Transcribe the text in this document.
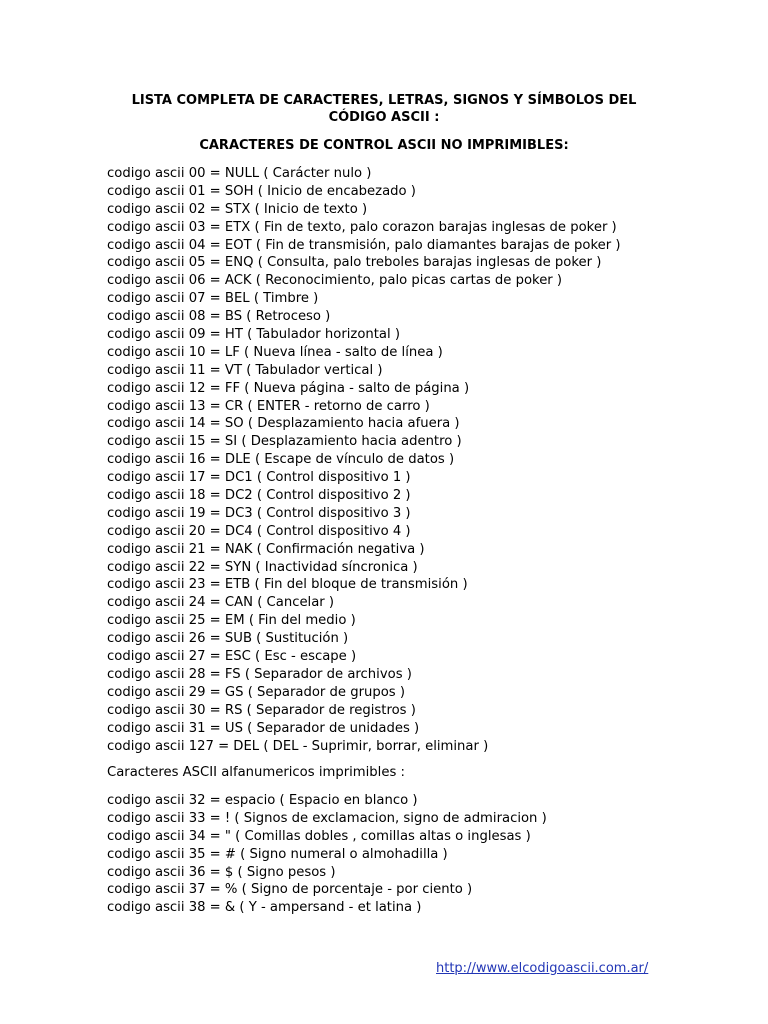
LISTA COMPLETA DE CARACTERES, LETRAS, SIGNOS Y SÍMBOLOS DEL
CÓDIGO ASCII :
CARACTERES DE CONTROL ASCII NO IMPRIMIBLES:
codigo ascii 00 = NULL ( Carácter nulo )
codigo ascii 01 = SOH ( Inicio de encabezado )
codigo ascii 02 = STX ( Inicio de texto )
codigo ascii 03 = ETX ( Fin de texto, palo corazon barajas inglesas de poker )
codigo ascii 04 = EOT ( Fin de transmisión, palo diamantes barajas de poker )
codigo ascii 05 = ENQ ( Consulta, palo treboles barajas inglesas de poker )
codigo ascii 06 = ACK ( Reconocimiento, palo picas cartas de poker )
codigo ascii 07 = BEL ( Timbre )
codigo ascii 08 = BS ( Retroceso )
codigo ascii 09 = HT ( Tabulador horizontal )
codigo ascii 10 = LF ( Nueva línea - salto de línea )
codigo ascii 11 = VT ( Tabulador vertical )
codigo ascii 12 = FF ( Nueva página - salto de página )
codigo ascii 13 = CR ( ENTER - retorno de carro )
codigo ascii 14 = SO ( Desplazamiento hacia afuera )
codigo ascii 15 = SI ( Desplazamiento hacia adentro )
codigo ascii 16 = DLE ( Escape de vínculo de datos )
codigo ascii 17 = DC1 ( Control dispositivo 1 )
codigo ascii 18 = DC2 ( Control dispositivo 2 )
codigo ascii 19 = DC3 ( Control dispositivo 3 )
codigo ascii 20 = DC4 ( Control dispositivo 4 )
codigo ascii 21 = NAK ( Confirmación negativa )
codigo ascii 22 = SYN ( Inactividad síncronica )
codigo ascii 23 = ETB ( Fin del bloque de transmisión )
codigo ascii 24 = CAN ( Cancelar )
codigo ascii 25 = EM ( Fin del medio )
codigo ascii 26 = SUB ( Sustitución )
codigo ascii 27 = ESC ( Esc - escape )
codigo ascii 28 = FS ( Separador de archivos )
codigo ascii 29 = GS ( Separador de grupos )
codigo ascii 30 = RS ( Separador de registros )
codigo ascii 31 = US ( Separador de unidades )
codigo ascii 127 = DEL ( DEL - Suprimir, borrar, eliminar )
Caracteres ASCII alfanumericos imprimibles :
codigo ascii 32 = espacio ( Espacio en blanco )
codigo ascii 33 = ! ( Signos de exclamacion, signo de admiracion )
codigo ascii 34 = " ( Comillas dobles , comillas altas o inglesas )
codigo ascii 35 = # ( Signo numeral o almohadilla )
codigo ascii 36 = $ ( Signo pesos )
codigo ascii 37 = % ( Signo de porcentaje - por ciento )
codigo ascii 38 = & ( Y - ampersand - et latina )
http://www.elcodigoascii.com.ar/
